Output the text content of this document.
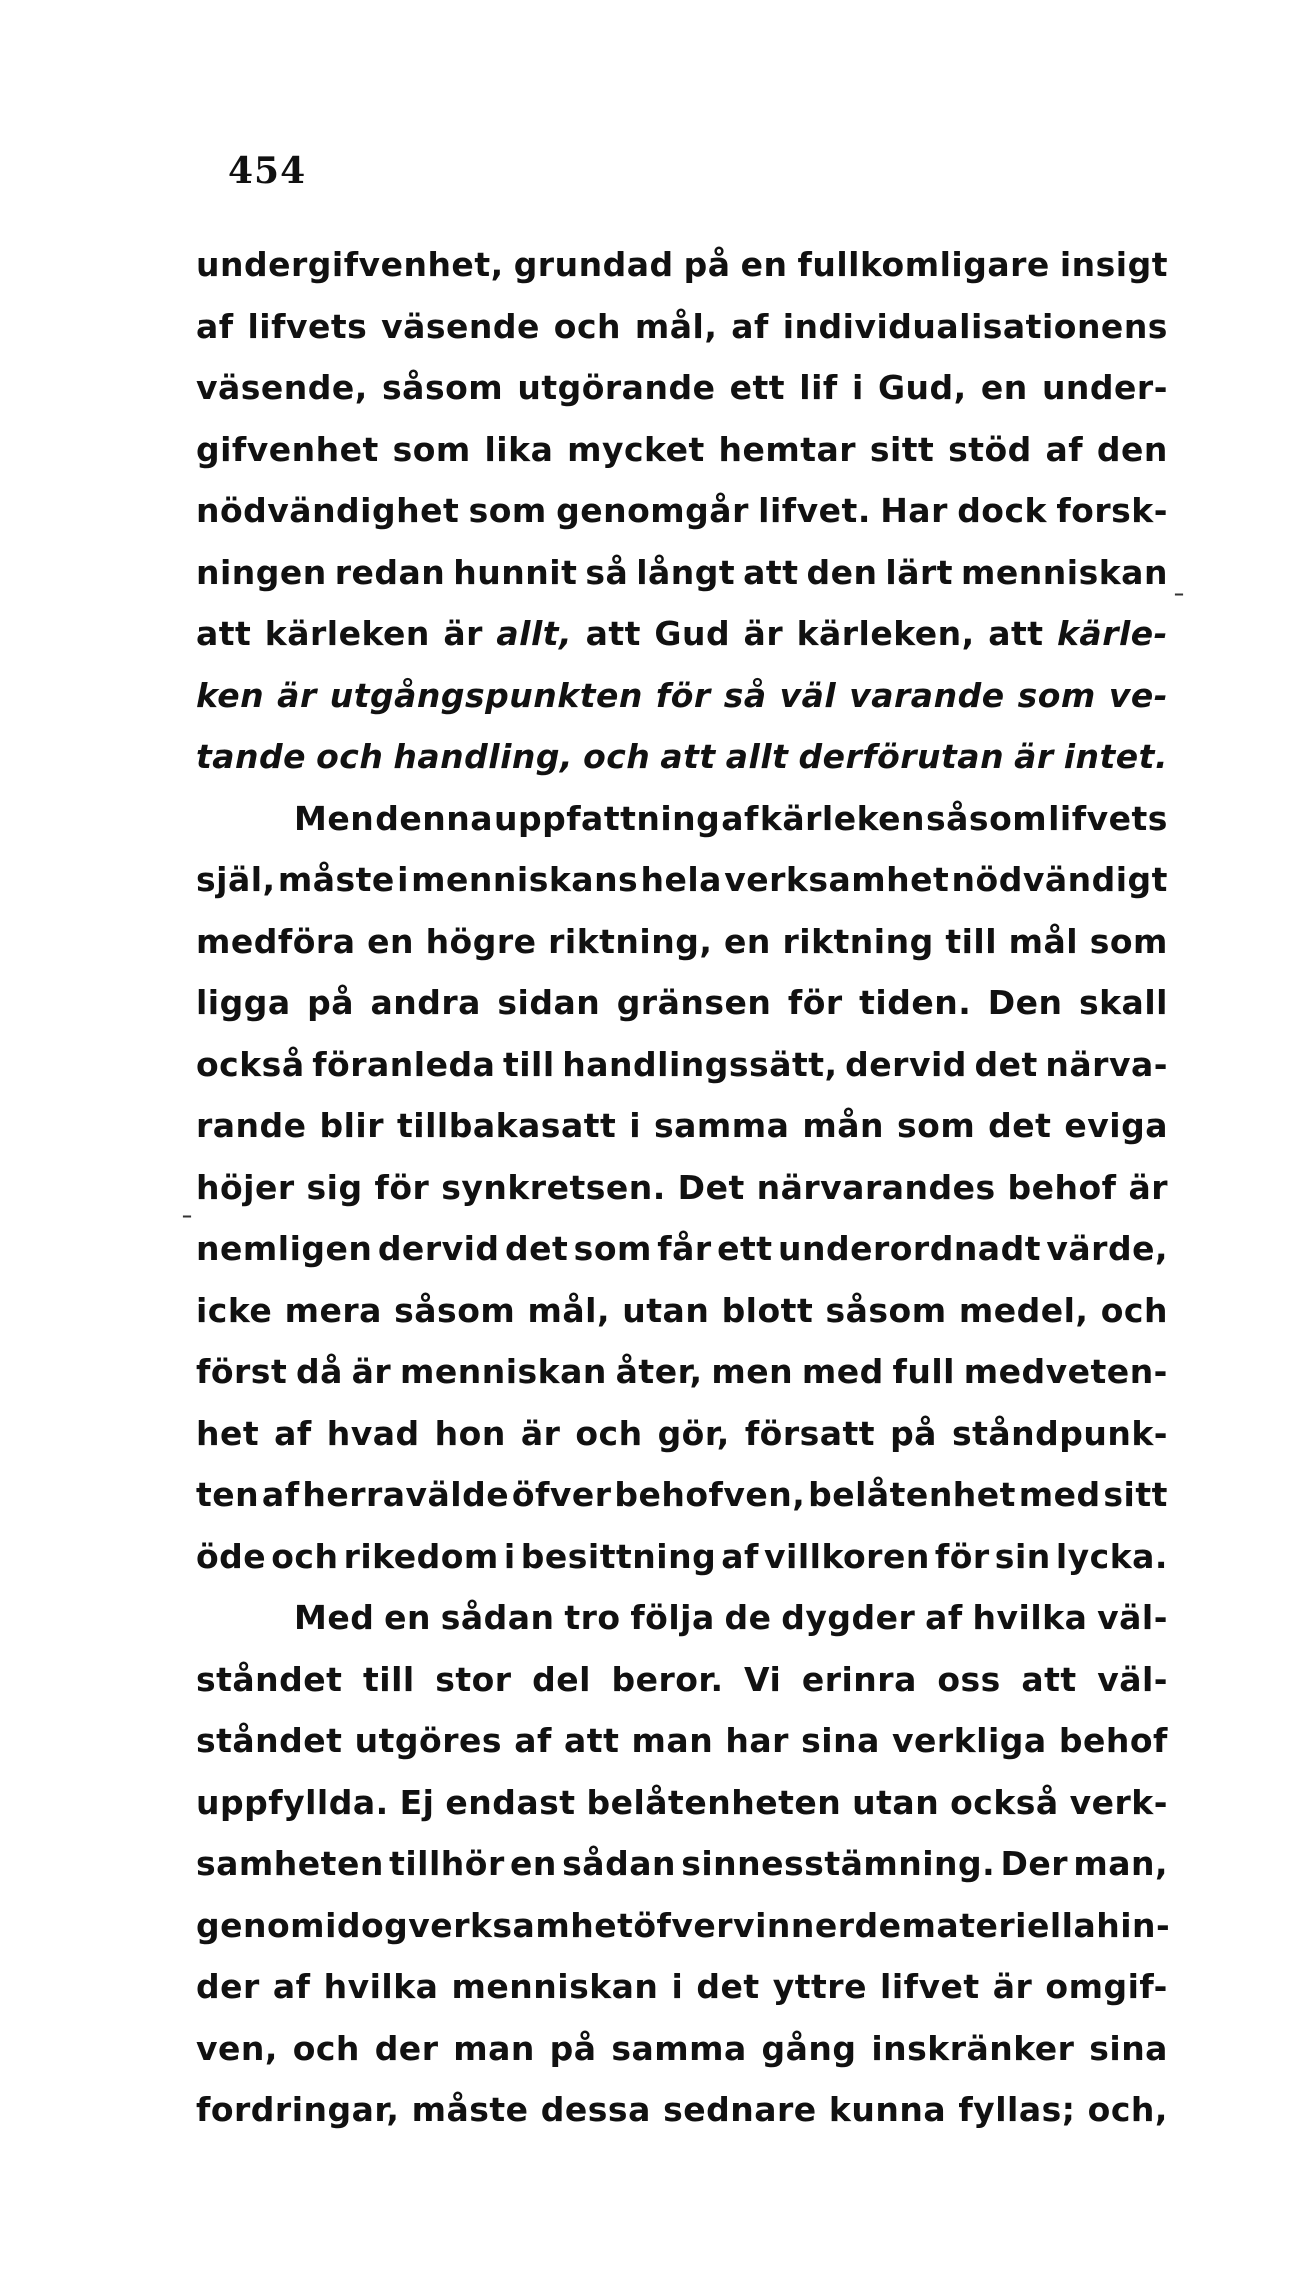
454
undergifvenhet, grundad på en fullkomligare insigt
af lifvets väsende och mål, af individualisationens
väsende, såsom utgörande ett lif i Gud, en under-
gifvenhet som lika mycket hemtar sitt stöd af den
nödvändighet som genomgår lifvet. Har dock forsk-
ningen redan hunnit så långt att den lärt menniskan
att kärleken är allt, att Gud är kärleken, att kärle-
ken är utgångspunkten för så väl varande som ve-
tande och handling, och att allt derförutan är intet.
Men denna uppfattning af kärleken såsom lifvets
själ, måste i menniskans hela verksamhet nödvändigt
medföra en högre riktning, en riktning till mål som
ligga på andra sidan gränsen för tiden. Den skall
också föranleda till handlingssätt, dervid det närva-
rande blir tillbakasatt i samma mån som det eviga
höjer sig för synkretsen. Det närvarandes behof är
nemligen dervid det som får ett underordnadt värde,
icke mera såsom mål, utan blott såsom medel, och
först då är menniskan åter, men med full medveten-
het af hvad hon är och gör, försatt på ståndpunk-
ten af herravälde öfver behofven, belåtenhet med sitt
öde och rikedom i besittning af villkoren för sin lycka.
Med en sådan tro följa de dygder af hvilka väl-
ståndet till stor del beror. Vi erinra oss att väl-
ståndet utgöres af att man har sina verkliga behof
uppfyllda. Ej endast belåtenheten utan också verk-
samheten tillhör en sådan sinnesstämning. Der man,
genom idog verksamhet öfvervinner de materiella hin-
der af hvilka menniskan i det yttre lifvet är omgif-
ven, och der man på samma gång inskränker sina
fordringar, måste dessa sednare kunna fyllas; och,
ˉ
ˉ
